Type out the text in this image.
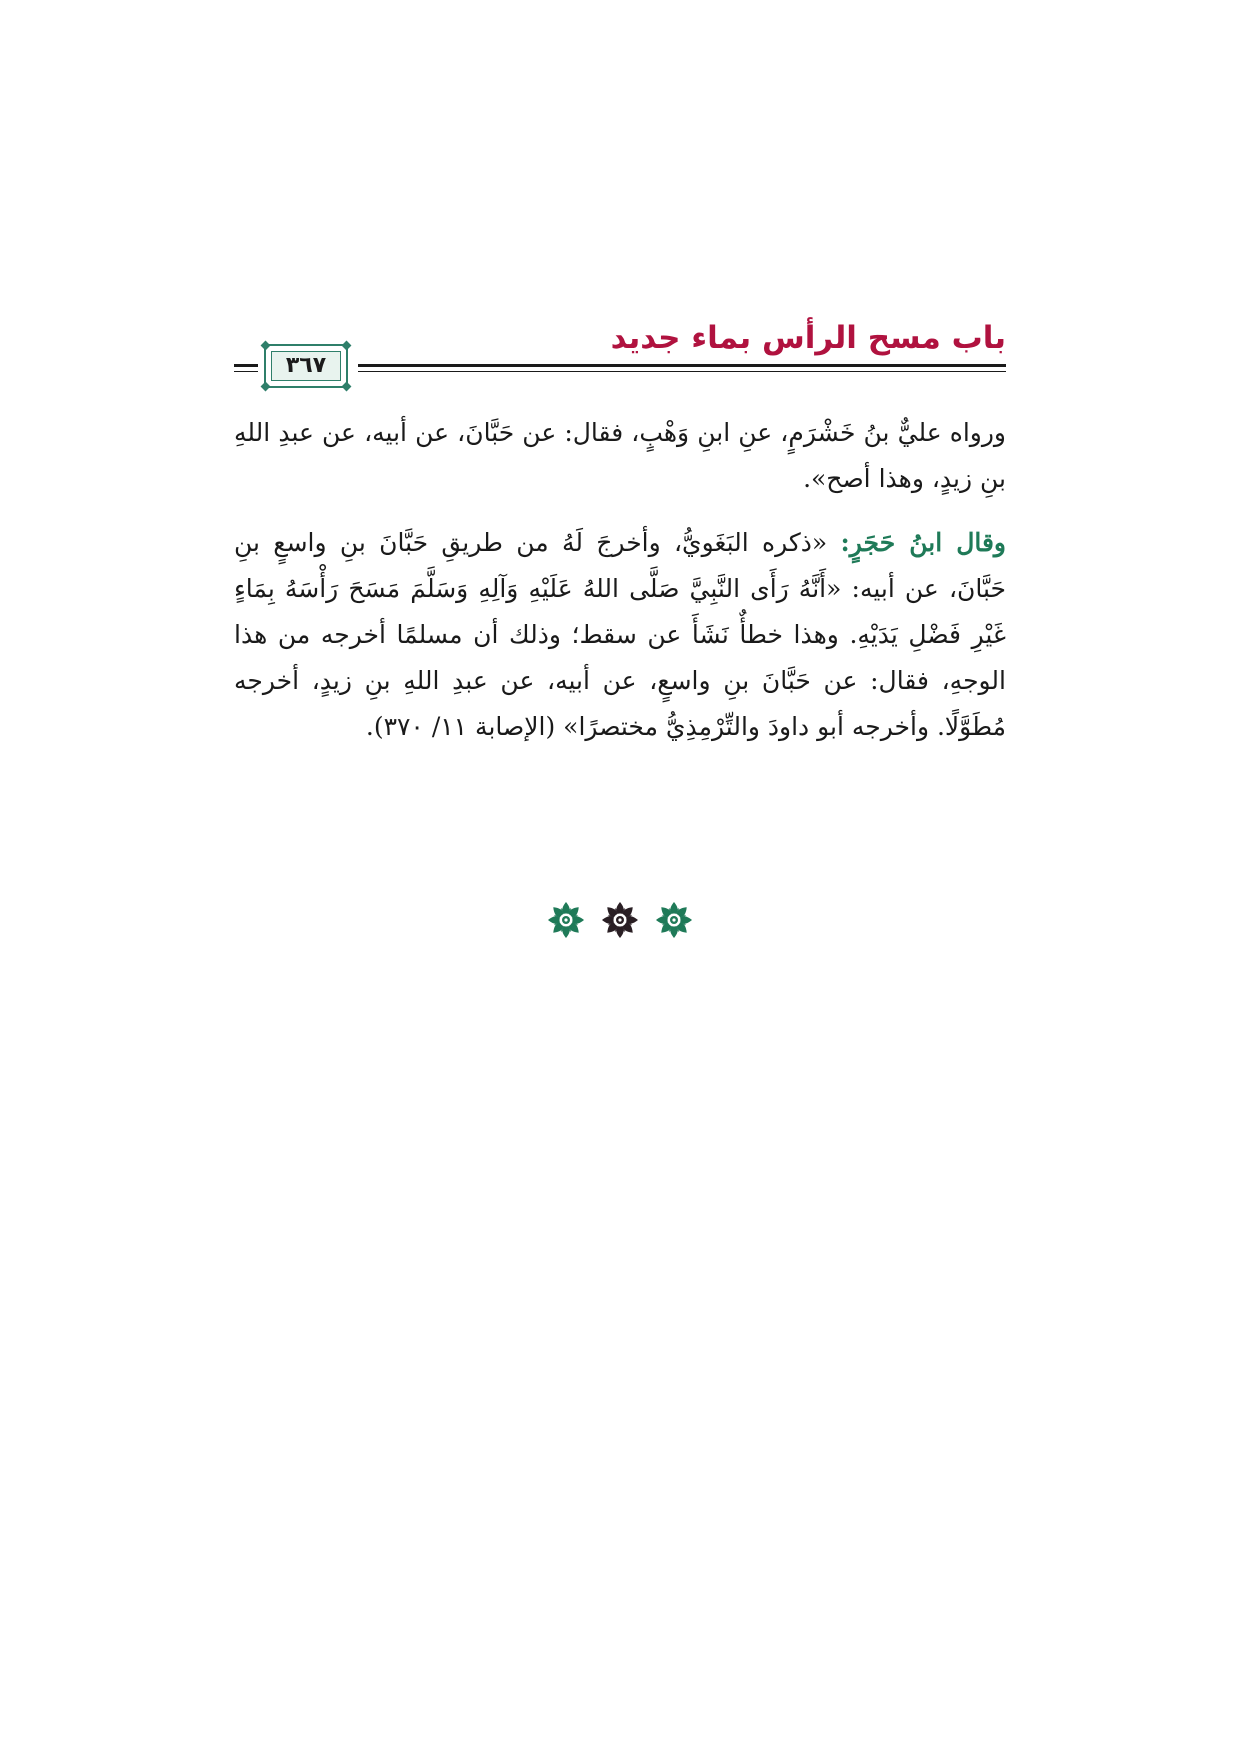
باب مسح الرأس بماء جديد
٣٦٧

ورواه عليٌّ بنُ خَشْرَمٍ، عنِ ابنِ وَهْبٍ، فقال: عن حَبَّانَ، عن أبيه، عن عبدِ اللهِ بنِ زيدٍ، وهذا أصح».

وقال ابنُ حَجَرٍ: «ذكره البَغَويُّ، وأخرجَ لَهُ من طريقِ حَبَّانَ بنِ واسعٍ بنِ حَبَّانَ، عن أبيه: «أَنَّهُ رَأَى النَّبِيَّ صَلَّى اللهُ عَلَيْهِ وَآلِهِ وَسَلَّمَ مَسَحَ رَأْسَهُ بِمَاءٍ غَيْرِ فَضْلِ يَدَيْهِ. وهذا خطأٌ نَشَأَ عن سقط؛ وذلك أن مسلمًا أخرجه من هذا الوجهِ، فقال: عن حَبَّانَ بنِ واسعٍ، عن أبيه، عن عبدِ اللهِ بنِ زيدٍ، أخرجه مُطَوَّلًا. وأخرجه أبو داودَ والتِّرْمِذِيُّ مختصرًا» (الإصابة ١١/ ٣٧٠).
